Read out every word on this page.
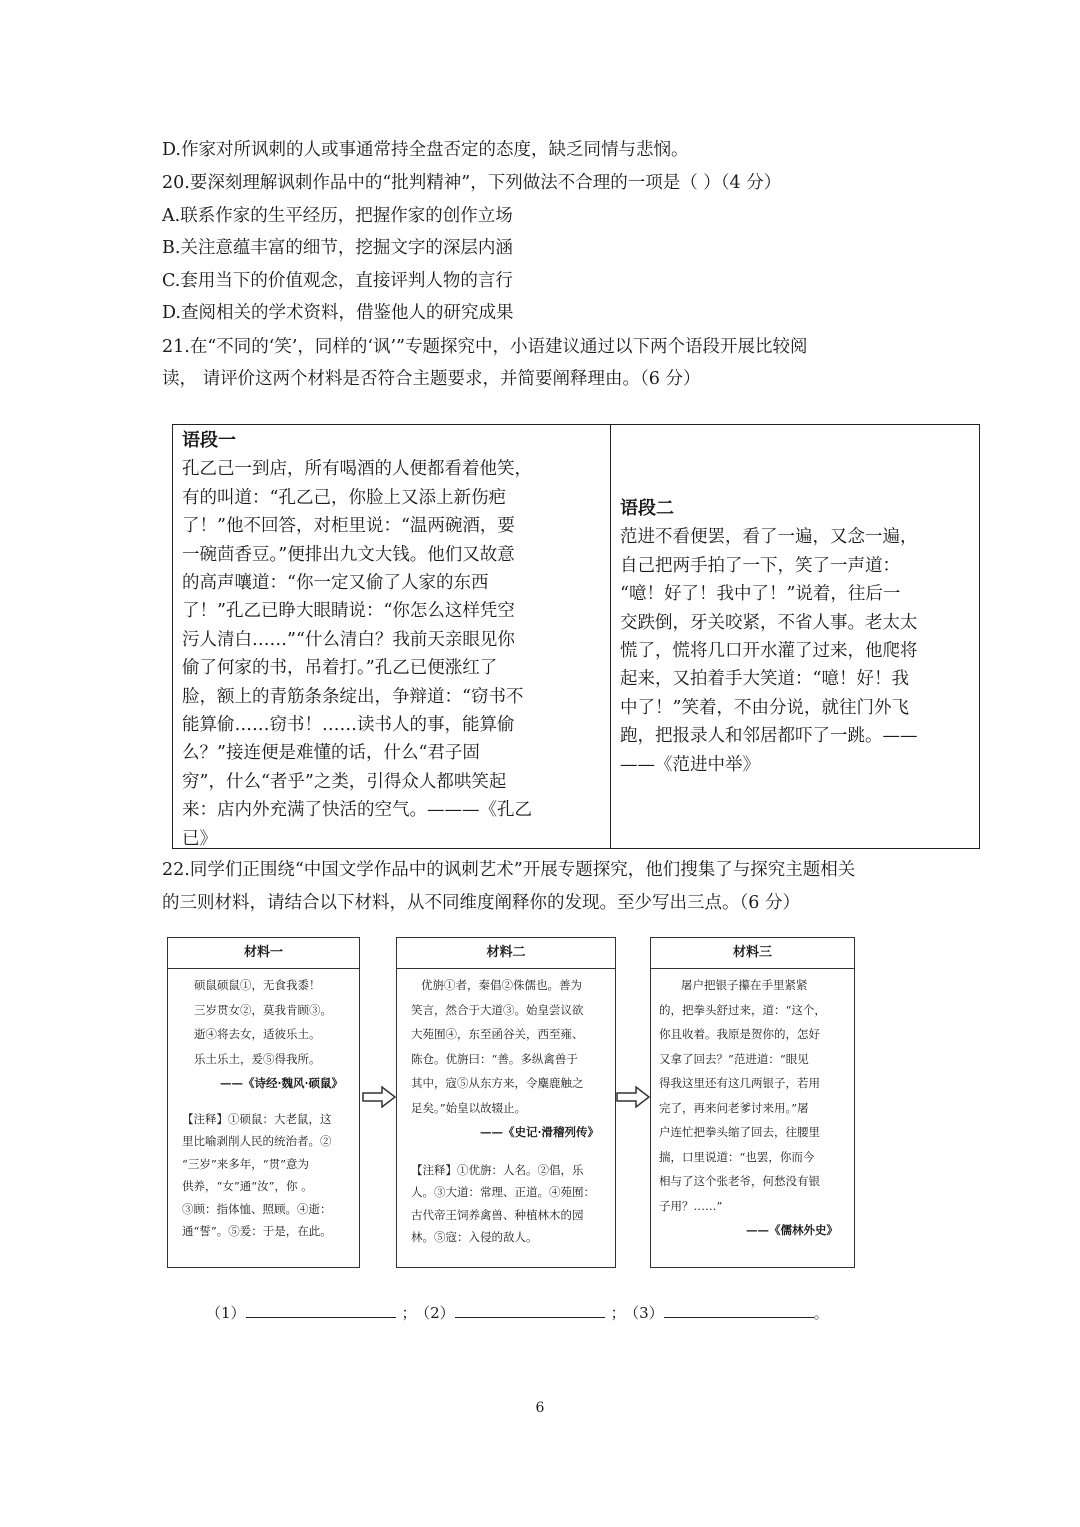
D.作家对所讽刺的人或事通常持全盘否定的态度，缺乏同情与悲悯。
20.要深刻理解讽刺作品中的“批判精神”，下列做法不合理的一项是（ ）（4 分）
A.联系作家的生平经历，把握作家的创作立场
B.关注意蕴丰富的细节，挖掘文字的深层内涵
C.套用当下的价值观念，直接评判人物的言行
D.查阅相关的学术资料，借鉴他人的研究成果
21.在“不同的‘笑’，同样的‘讽’”专题探究中，小语建议通过以下两个语段开展比较阅
读， 请评价这两个材料是否符合主题要求，并简要阐释理由。（6 分）
语段一
孔乙己一到店，所有喝酒的人便都看着他笑，
有的叫道：“孔乙己，你脸上又添上新伤疤
了！”他不回答，对柜里说：“温两碗酒，要
一碗茴香豆。”便排出九文大钱。他们又故意
的高声嚷道：“你一定又偷了人家的东西
了！”孔乙已睁大眼睛说：“你怎么这样凭空
污人清白……”“什么清白？我前天亲眼见你
偷了何家的书，吊着打。”孔乙已便涨红了
脸，额上的青筋条条绽出，争辩道：“窃书不
能算偷……窃书！……读书人的事，能算偷
么？”接连便是难懂的话，什么“君子固
穷”，什么“者乎”之类，引得众人都哄笑起
来：店内外充满了快活的空气。———《孔乙
已》
语段二
范进不看便罢，看了一遍，又念一遍，
自己把两手拍了一下，笑了一声道：
“噫！好了！我中了！”说着，往后一
交跌倒，牙关咬紧，不省人事。老太太
慌了，慌将几口开水灌了过来，他爬将
起来，又拍着手大笑道：“噫！好！我
中了！”笑着，不由分说，就往门外飞
跑，把报录人和邻居都吓了一跳。——
——《范进中举》
22.同学们正围绕“中国文学作品中的讽刺艺术”开展专题探究，他们搜集了与探究主题相关
的三则材料，请结合以下材料，从不同维度阐释你的发现。至少写出三点。（6 分）
材料一
硕鼠硕鼠①，无食我黍！
三岁贯女②，莫我肯顾③。
逝④将去女，适彼乐土。
乐土乐土，爰⑤得我所。
——《诗经·魏风·硕鼠》
【注释】①硕鼠：大老鼠，这
里比喻剥削人民的统治者。②
“三岁”来多年，“贯”意为
供养，“女”通“汝”，你 。
③顾：指体恤、照顾。④逝：
通“誓”。⑤爰：于是，在此。
材料二
优旃①者，秦倡②侏儒也。善为
笑言，然合于大道③。始皇尝议欲
大苑囿④，东至函谷关，西至雍、
陈仓。优旃曰：“善。多纵禽兽于
其中，寇⑤从东方来，令麋鹿触之
足矣。”始皇以故辍止。
——《史记·滑稽列传》
【注释】①优旃：人名。②倡，乐
人。③大道：常理、正道。④苑囿：
古代帝王饲养禽兽、种植林木的园
林。⑤寇：入侵的敌人。
材料三
屠户把银子攥在手里紧紧
的，把拳头舒过来，道：“这个，
你且收着。我原是贺你的，怎好
又拿了回去？”范进道：“眼见
得我这里还有这几两银子，若用
完了，再来问老爹讨来用。”屠
户连忙把拳头缩了回去，往腰里
揣，口里说道：“也罢，你而今
相与了这个张老爷，何愁没有银
子用？……”
——《儒林外史》
（1）	； （2）	； （3）	。
6
